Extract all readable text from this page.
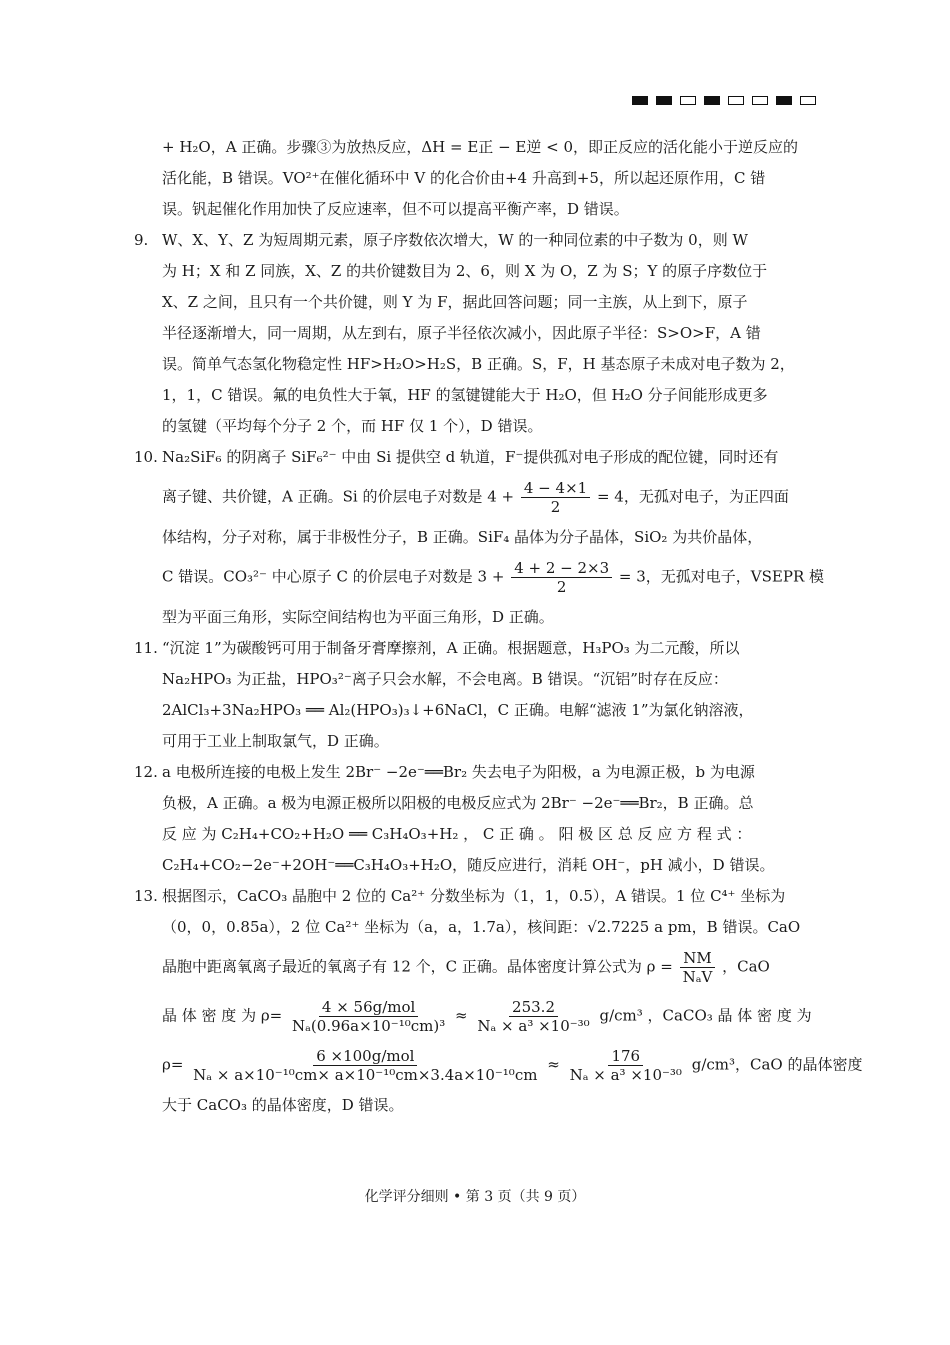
+ H₂O，A 正确。步骤③为放热反应，ΔH = E正 − E逆 < 0，即正反应的活化能小于逆反应的
活化能，B 错误。VO²⁺在催化循环中 V 的化合价由+4 升高到+5，所以起还原作用，C 错
误。钒起催化作用加快了反应速率，但不可以提高平衡产率，D 错误。
9. W、X、Y、Z 为短周期元素，原子序数依次增大，W 的一种同位素的中子数为 0，则 W
为 H；X 和 Z 同族，X、Z 的共价键数目为 2、6，则 X 为 O，Z 为 S；Y 的原子序数位于
X、Z 之间，且只有一个共价键，则 Y 为 F，据此回答问题；同一主族，从上到下，原子
半径逐渐增大，同一周期，从左到右，原子半径依次减小，因此原子半径：S>O>F，A 错
误。简单气态氢化物稳定性 HF>H₂O>H₂S，B 正确。S，F，H 基态原子未成对电子数为 2，
1，1，C 错误。氟的电负性大于氧，HF 的氢键键能大于 H₂O，但 H₂O 分子间能形成更多
的氢键（平均每个分子 2 个，而 HF 仅 1 个），D 错误。
10. Na₂SiF₆ 的阴离子 SiF₆²⁻ 中由 Si 提供空 d 轨道，F⁻提供孤对电子形成的配位键，同时还有
离子键、共价键，A 正确。Si 的价层电子对数是 $4 + \frac{4 - 4\times 1}{2} = 4$，无孤对电子，为正四面
体结构，分子对称，属于非极性分子，B 正确。SiF₄ 晶体为分子晶体，SiO₂ 为共价晶体，
C 错误。CO₃²⁻ 中心原子 C 的价层电子对数是 $3 + \frac{4 + 2 - 2\times 3}{2} = 3$，无孤对电子，VSEPR 模
型为平面三角形，实际空间结构也为平面三角形，D 正确。
11. “沉淀 1”为碳酸钙可用于制备牙膏摩擦剂，A 正确。根据题意，H₃PO₃ 为二元酸，所以
Na₂HPO₃ 为正盐，HPO₃²⁻离子只会水解，不会电离。B 错误。“沉铝”时存在反应：
2AlCl₃+3Na₂HPO₃ ══ Al₂(HPO₃)₃↓+6NaCl，C 正确。电解“滤液 1”为氯化钠溶液，
可用于工业上制取氯气，D 正确。
12. a 电极所连接的电极上发生 2Br⁻ −2e⁻══Br₂ 失去电子为阳极，a 为电源正极，b 为电源
负极，A 正确。a 极为电源正极所以阳极的电极反应式为 2Br⁻ −2e⁻══Br₂，B 正确。总
反 应 为 C₂H₄+CO₂+H₂O ══ C₃H₄O₃+H₂ ， C 正 确 。 阳 极 区 总 反 应 方 程 式 ：
C₂H₄+CO₂−2e⁻+2OH⁻══C₃H₄O₃+H₂O，随反应进行，消耗 OH⁻，pH 减小，D 错误。
13. 根据图示，CaCO₃ 晶胞中 2 位的 Ca²⁺ 分数坐标为（1，1，0.5），A 错误。1 位 C⁴⁺ 坐标为
（0，0，0.85a），2 位 Ca²⁺ 坐标为（a，a，1.7a），核间距：√2.7225 a pm，B 错误。CaO
晶胞中距离氧离子最近的氧离子有 12 个，C 正确。晶体密度计算公式为 $\rho = \frac{NM}{\text{NₐV}}$ ，CaO
晶 体 密 度 为 $\rho= \frac{\text{4 × 56g/mol}}{\text{Nₐ(0.96a×10⁻¹⁰cm)³}} \approx \frac{253.2}{\text{Nₐ × a³ ×10⁻³⁰}} g/cm^3$ ，CaCO₃ 晶 体 密 度 为
$\rho= \frac{\text{6 ×100g/mol}}{\text{Nₐ × a×10⁻¹⁰cm× a×10⁻¹⁰cm×3.4a×10⁻¹⁰cm}} \approx \frac{176}{\text{Nₐ × a³ ×10⁻³⁰}} g/cm^3$，CaO 的晶体密度
大于 CaCO₃ 的晶体密度，D 错误。
化学评分细则 • 第 3 页（共 9 页）
